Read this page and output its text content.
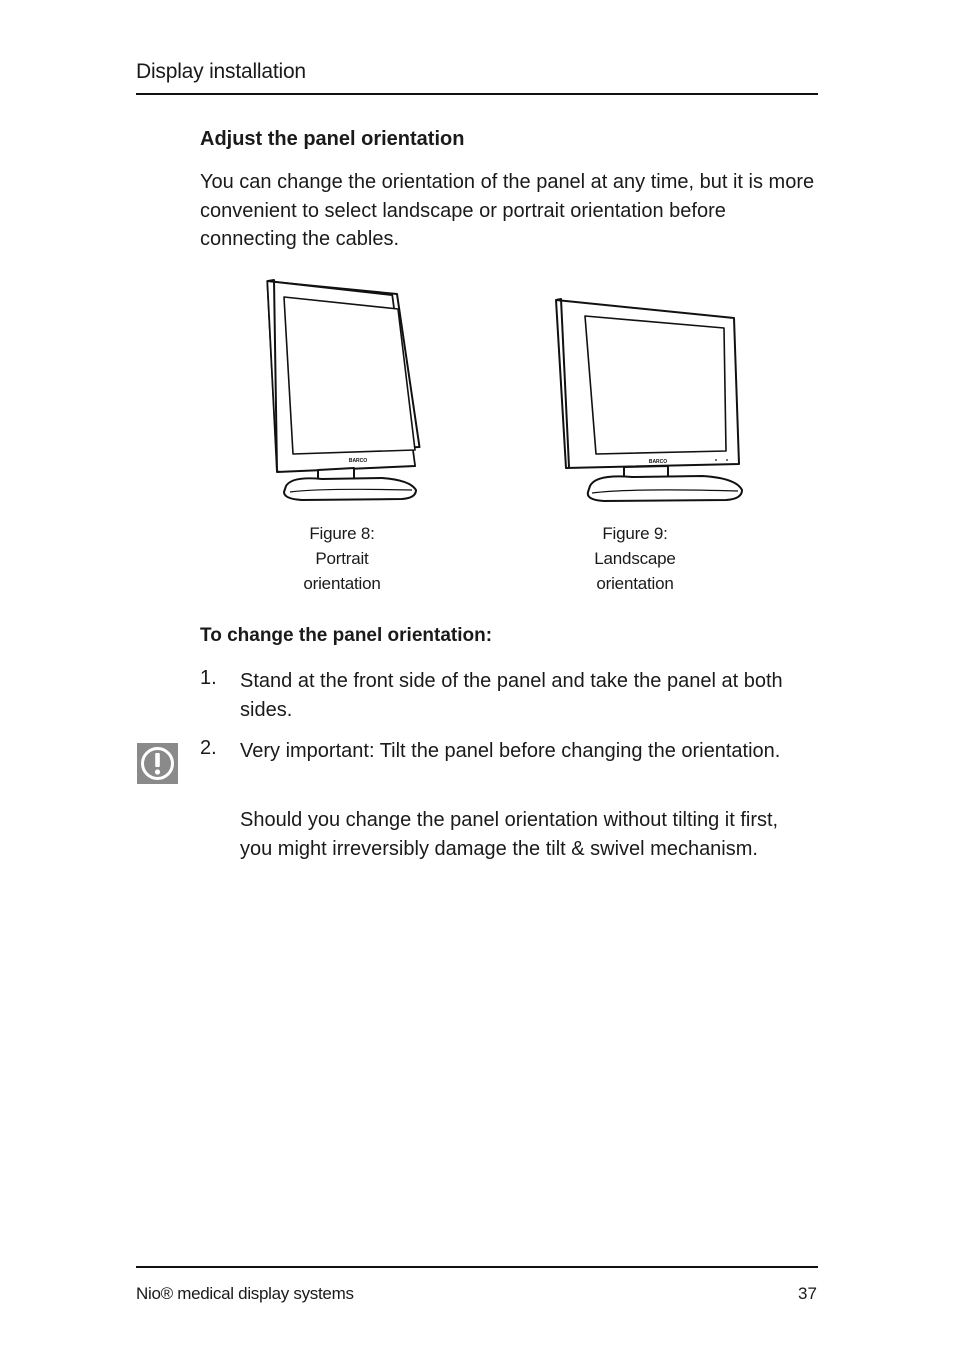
Display installation
Adjust the panel orientation
You can change the orientation of the panel at any time, but it is more convenient to select landscape or portrait orientation before connecting the cables.
BARCO	BARCO
Figure 8:
Portrait
orientation
Figure 9:
Landscape
orientation
To change the panel orientation:
1. Stand at the front side of the panel and take the panel at both sides.
2. Very important: Tilt the panel before changing the orientation.
Should you change the panel orientation without tilting it first, you might irreversibly damage the tilt & swivel mechanism.
Nio® medical display systems	37
